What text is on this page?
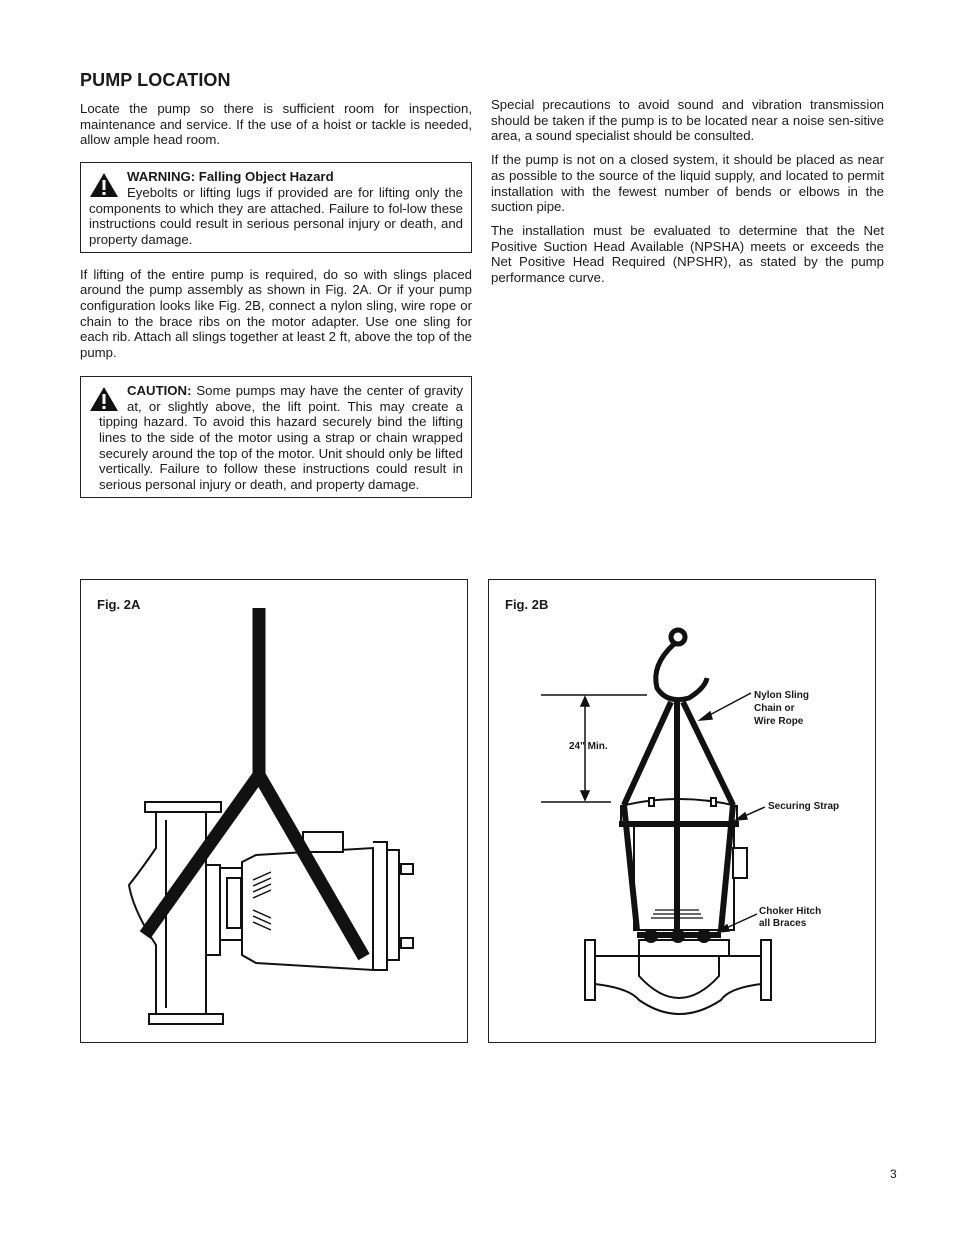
PUMP LOCATION

Locate the pump so there is sufficient room for inspection, maintenance and service. If the use of a hoist or tackle is needed, allow ample head room.

WARNING: Falling Object Hazard

Eyebolts or lifting lugs if provided are for lifting only the components to which they are attached. Failure to fol-low these instructions could result in serious personal injury or death, and property damage.

If lifting of the entire pump is required, do so with slings placed around the pump assembly as shown in Fig. 2A. Or if your pump configuration looks like Fig. 2B, connect a nylon sling, wire rope or chain to the brace ribs on the motor adapter. Use one sling for each rib. Attach all slings together at least 2 ft, above the top of the pump.

CAUTION: Some pumps may have the center of gravity at, or slightly above, the lift point. This may create a tipping hazard. To avoid this hazard securely bind the lifting lines to the side of the motor using a strap or chain wrapped securely around the top of the motor. Unit should only be lifted vertically. Failure to follow these instructions could result in serious personal injury or death, and property damage.

Special precautions to avoid sound and vibration transmission should be taken if the pump is to be located near a noise sen-sitive area, a sound specialist should be consulted.

If the pump is not on a closed system, it should be placed as near as possible to the source of the liquid supply, and located to permit installation with the fewest number of bends or elbows in the suction pipe.

The installation must be evaluated to determine that the Net Positive Suction Head Available (NPSHA) meets or exceeds the Net Positive Head Required (NPSHR), as stated by the pump performance curve.

Fig. 2A	Fig. 2B
24" Min.
Nylon Sling
Chain or
Wire Rope
Securing Strap
Choker Hitch
all Braces
3
